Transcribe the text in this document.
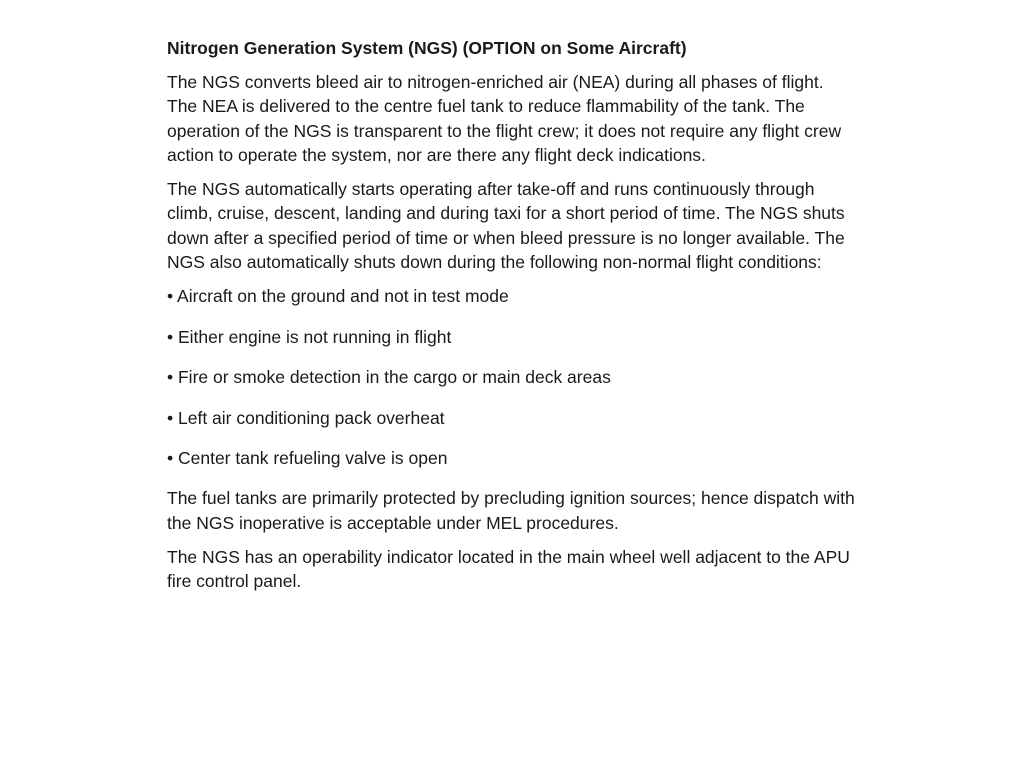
Nitrogen Generation System (NGS) (OPTION on Some Aircraft)
The NGS converts bleed air to nitrogen-enriched air (NEA) during all phases of flight. The NEA is delivered to the centre fuel tank to reduce flammability of the tank. The operation of the NGS is transparent to the flight crew; it does not require any flight crew action to operate the system, nor are there any flight deck indications.
The NGS automatically starts operating after take-off and runs continuously through climb, cruise, descent, landing and during taxi for a short period of time. The NGS shuts down after a specified period of time or when bleed pressure is no longer available. The NGS also automatically shuts down during the following non-normal flight conditions:
• Aircraft on the ground and not in test mode
• Either engine is not running in flight
• Fire or smoke detection in the cargo or main deck areas
• Left air conditioning pack overheat
• Center tank refueling valve is open
The fuel tanks are primarily protected by precluding ignition sources; hence dispatch with the NGS inoperative is acceptable under MEL procedures.
The NGS has an operability indicator located in the main wheel well adjacent to the APU fire control panel.
